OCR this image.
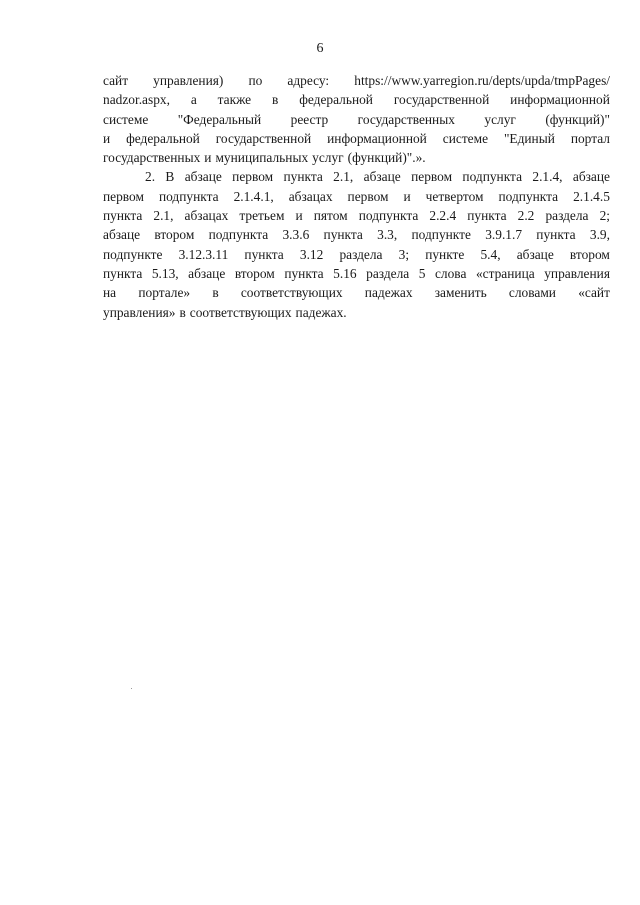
6
сайт управления) по адресу: https://www.yarregion.ru/depts/upda/tmpPages/
nadzor.aspx, а также в федеральной государственной информационной
системе "Федеральный реестр государственных услуг (функций)"
и федеральной государственной информационной системе "Единый портал
государственных и муниципальных услуг (функций)".».
2. В абзаце первом пункта 2.1, абзаце первом подпункта 2.1.4, абзаце
первом подпункта 2.1.4.1, абзацах первом и четвертом подпункта 2.1.4.5
пункта 2.1, абзацах третьем и пятом подпункта 2.2.4 пункта 2.2 раздела 2;
абзаце втором подпункта 3.3.6 пункта 3.3, подпункте 3.9.1.7 пункта 3.9,
подпункте 3.12.3.11 пункта 3.12 раздела 3; пункте 5.4, абзаце втором
пункта 5.13, абзаце втором пункта 5.16 раздела 5 слова «страница управления
на портале» в соответствующих падежах заменить словами «сайт
управления» в соответствующих падежах.
